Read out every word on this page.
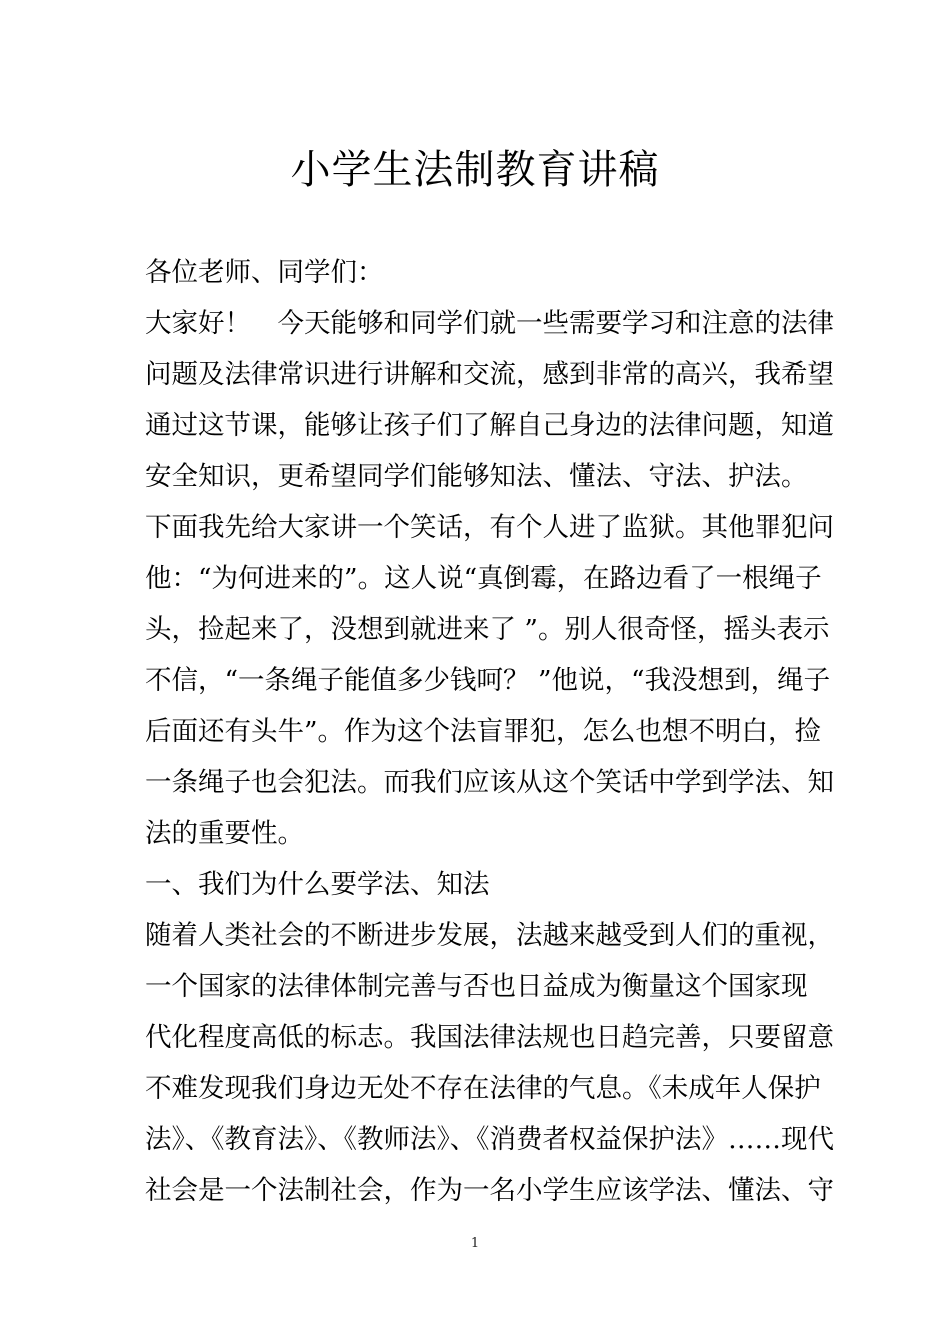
小学生法制教育讲稿
各位老师、同学们：
大家好！　今天能够和同学们就一些需要学习和注意的法律
问题及法律常识进行讲解和交流，感到非常的高兴，我希望
通过这节课，能够让孩子们了解自己身边的法律问题，知道
安全知识，更希望同学们能够知法、懂法、守法、护法。
下面我先给大家讲一个笑话，有个人进了监狱。其他罪犯问
他：“为何进来的”。这人说“真倒霉，在路边看了一根绳子
头，捡起来了，没想到就进来了 ”。别人很奇怪，摇头表示
不信，“一条绳子能值多少钱呵？ ”他说，“我没想到，绳子
后面还有头牛”。作为这个法盲罪犯，怎么也想不明白，捡
一条绳子也会犯法。而我们应该从这个笑话中学到学法、知
法的重要性。
一、我们为什么要学法、知法
随着人类社会的不断进步发展，法越来越受到人们的重视，
一个国家的法律体制完善与否也日益成为衡量这个国家现
代化程度高低的标志。我国法律法规也日趋完善，只要留意
不难发现我们身边无处不存在法律的气息。《未成年人保护
法》、《教育法》、《教师法》、《消费者权益保护法》……现代
社会是一个法制社会，作为一名小学生应该学法、懂法、守
1
